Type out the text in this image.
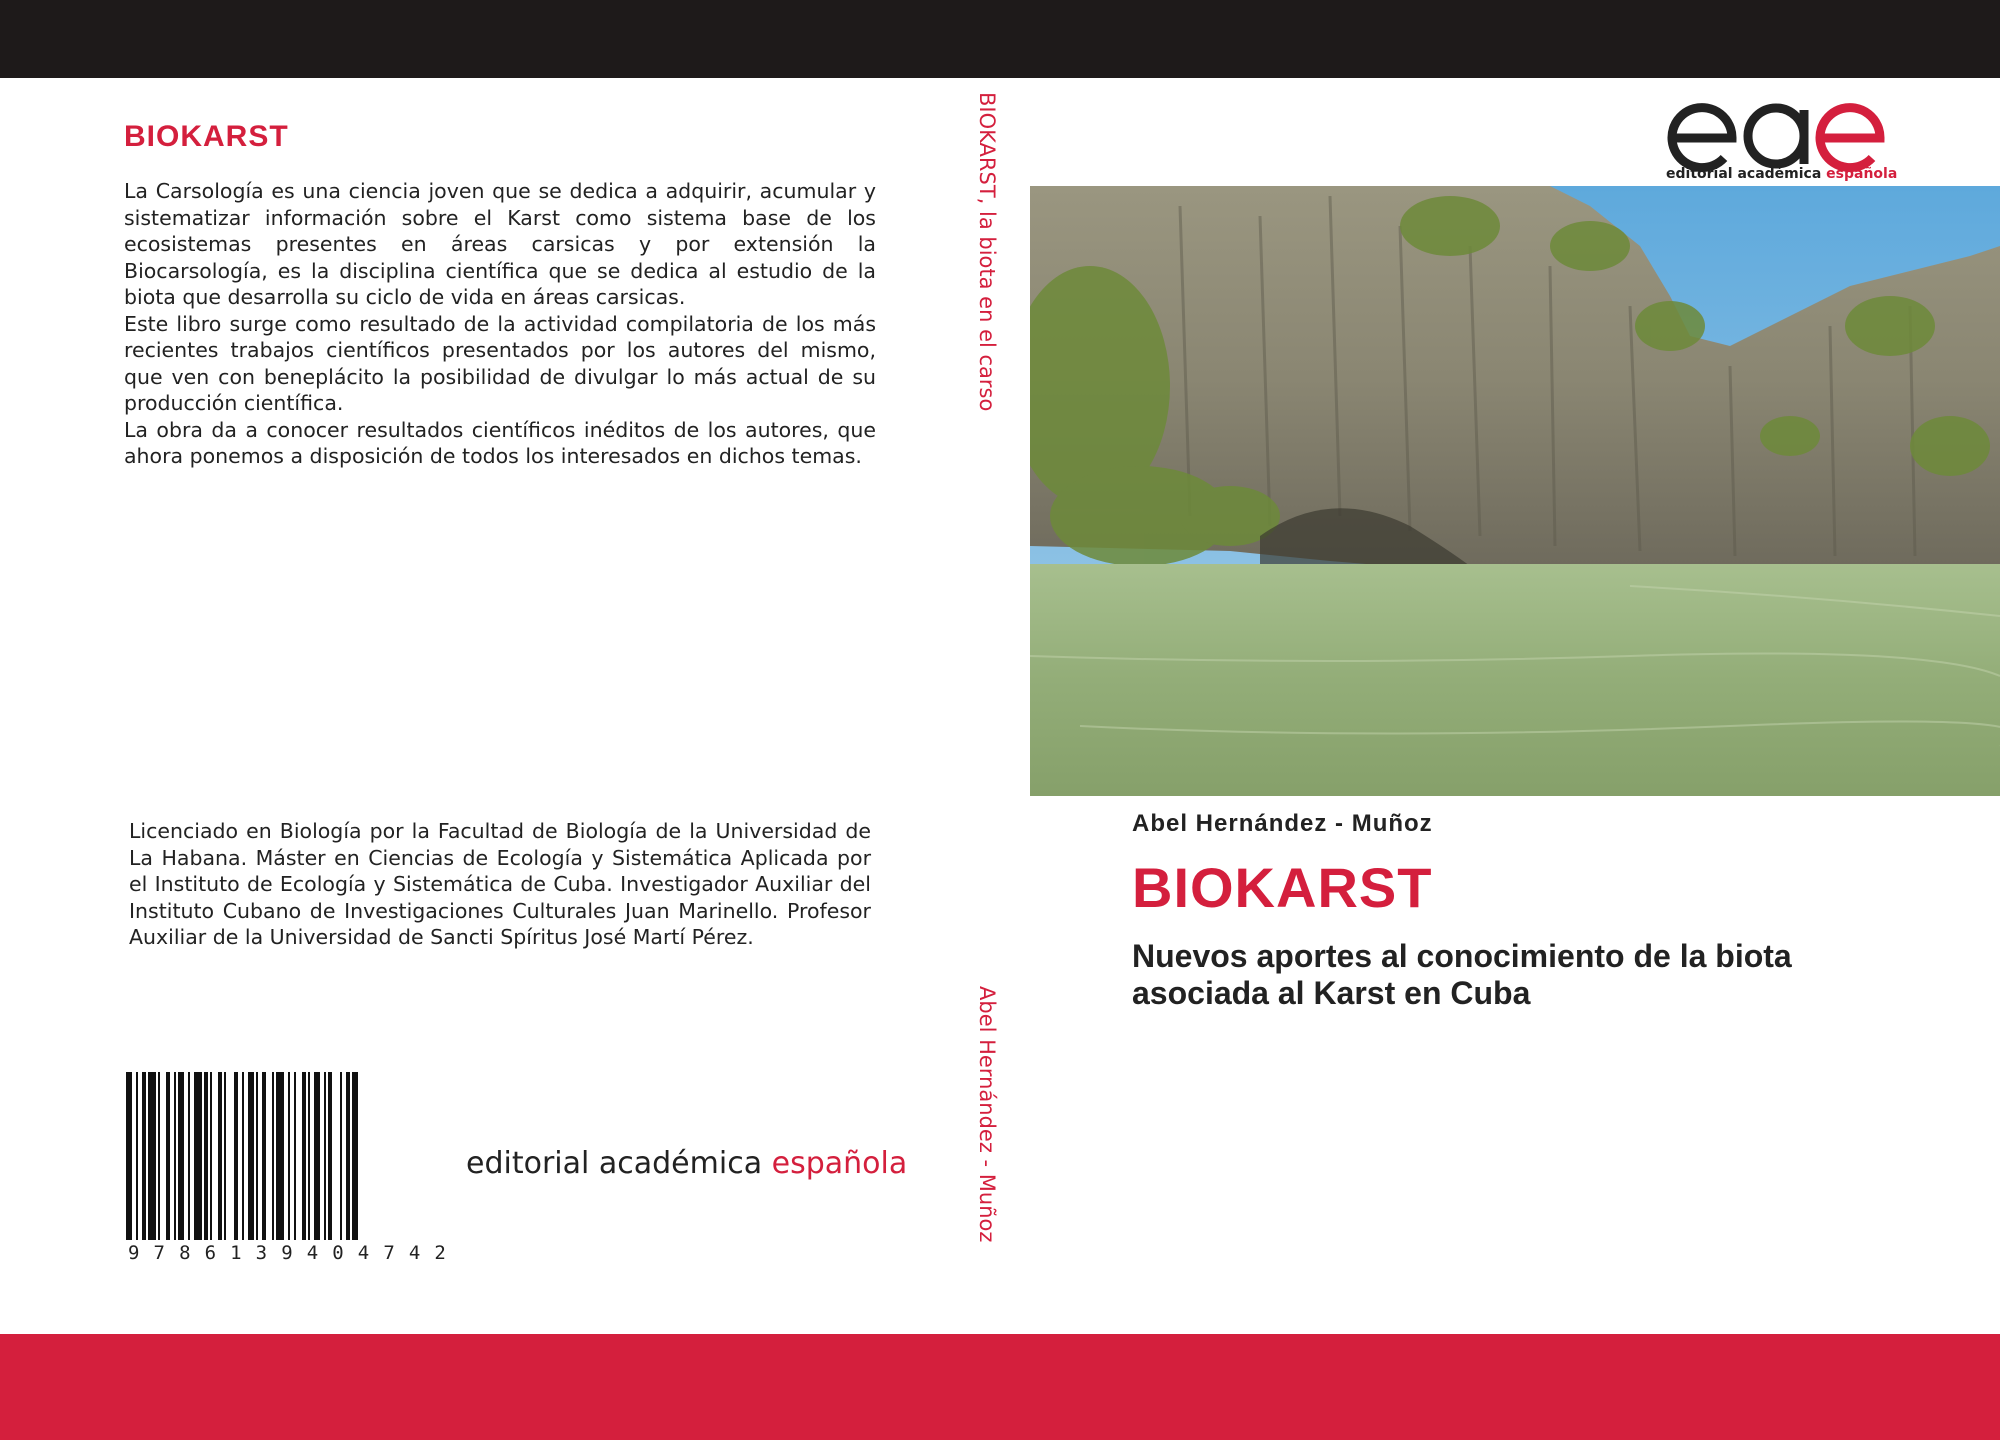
BIOKARST

La Carsología es una ciencia joven que se dedica a adquirir, acumular y sistematizar información sobre el Karst como sistema base de los ecosistemas presentes en áreas carsicas y por extensión la Biocarsología, es la disciplina científica que se dedica al estudio de la biota que desarrolla su ciclo de vida en áreas carsicas.

Este libro surge como resultado de la actividad compilatoria de los más recientes trabajos científicos presentados por los autores del mismo, que ven con beneplácito la posibilidad de divulgar lo más actual de su producción científica.

La obra da a conocer resultados científicos inéditos de los autores, que ahora ponemos a disposición de todos los interesados en dichos temas.

Licenciado en Biología por la Facultad de Biología de la Universidad de La Habana. Máster en Ciencias de Ecología y Sistemática Aplicada por el Instituto de Ecología y Sistemática de Cuba. Investigador Auxiliar del Instituto Cubano de Investigaciones Culturales Juan Marinello. Profesor Auxiliar de la Universidad de Sancti Spíritus José Martí Pérez.

9 7 8 6 1 3 9 4 0 4 7 4 2
editorial académica española
BIOKARST, la biota en el carso
Abel Hernández - Muñoz
editorial académica española
Abel Hernández - Muñoz
BIOKARST

Nuevos aportes al conocimiento de la biota asociada al Karst en Cuba
